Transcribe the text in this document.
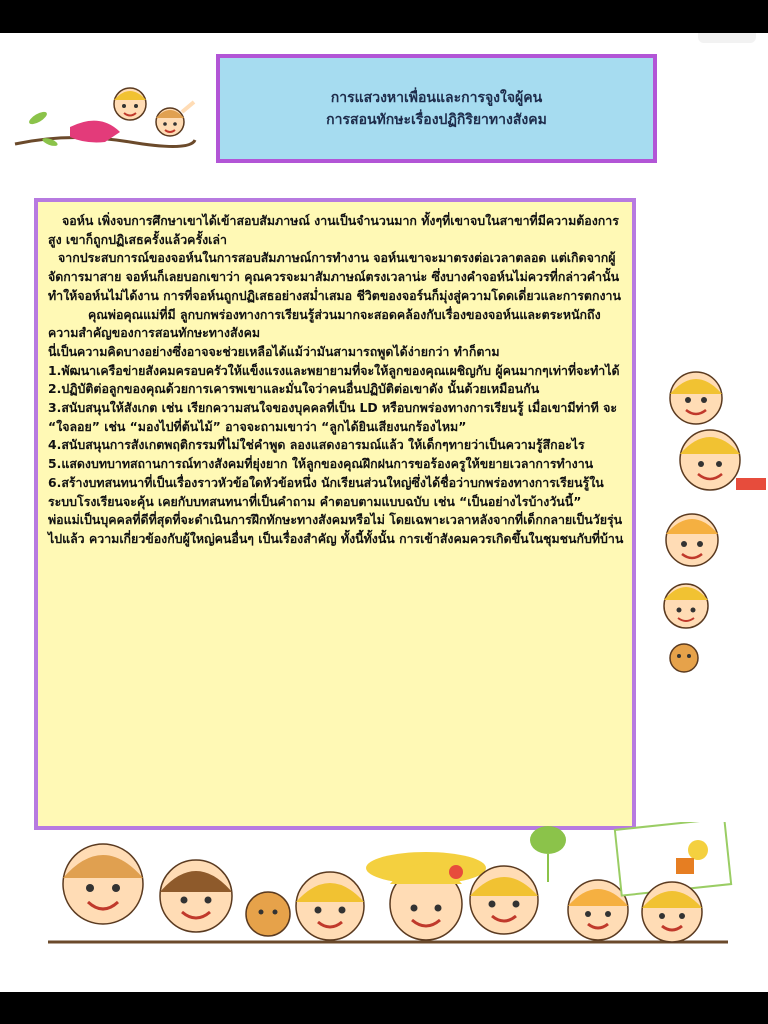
การแสวงหาเพื่อนและการจูงใจผู้คน
การสอนทักษะเรื่องปฏิกิริยาทางสังคม

จอห์น เพิ่งจบการศึกษาเขาได้เข้าสอบสัมภาษณ์ งานเป็นจำนวนมาก ทั้งๆที่เขาจบในสาขาที่มีความต้องการสูง เขาก็ถูกปฏิเสธครั้งแล้วครั้งเล่า

จากประสบการณ์ของจอห์นในการสอบสัมภาษณ์การทำงาน จอห์นเขาจะมาตรงต่อเวลาตลอด แต่เกิดจากผู้จัดการมาสาย จอห์นก็เลยบอกเขาว่า คุณควรจะมาสัมภาษณ์ตรงเวลาน่ะ ซึ่งบางคำจอห์นไม่ควรที่กล่าวคำนั้น ทำให้จอห์นไม่ได้งาน การที่จอห์นถูกปฏิเสธอย่างสม่ำเสมอ ชีวิตของจอร์นก็มุ่งสู่ความโดดเดี่ยวและการตกงาน

คุณพ่อคุณแม่ที่มี ลูกบกพร่องทางการเรียนรู้ส่วนมากจะสอดคล้องกับเรื่องของจอห์นและตระหนักถึง ความสำคัญของการสอนทักษะทางสังคม

นี่เป็นความคิดบางอย่างซึ่งอาจจะช่วยเหลือได้แม้ว่ามันสามารถพูดได้ง่ายกว่า ทำก็ตาม

1.พัฒนาเครือข่ายสังคมครอบครัวให้แข็งแรงและพยายามที่จะให้ลูกของคุณเผชิญกับ ผู้คนมากๆเท่าที่จะทำได้ 2.ปฏิบัติต่อลูกของคุณด้วยการเคารพเขาและมั่นใจว่าคนอื่นปฏิบัติต่อเขาดัง นั้นด้วยเหมือนกัน

3.สนับสนุนให้สังเกต เช่น เรียกความสนใจของบุคคลที่เป็น LD หรือบกพร่องทางการเรียนรู้ เมื่อเขามีท่าที จะ “ใจลอย” เช่น “มองไปที่ต้นไม้” อาจจะถามเขาว่า “ลูกได้ยินเสียงนกร้องไหม”

4.สนับสนุนการสังเกตพฤติกรรมที่ไม่ใช่คำพูด ลองแสดงอารมณ์แล้ว ให้เด็กๆทายว่าเป็นความรู้สึกอะไร

5.แสดงบทบาทสถานการณ์ทางสังคมที่ยุ่งยาก ให้ลูกของคุณฝึกฝนการขอร้องครูให้ขยายเวลาการทำงาน

6.สร้างบทสนทนาที่เป็นเรื่องราวหัวข้อใดหัวข้อหนึ่ง นักเรียนส่วนใหญ่ซึ่งได้ชื่อว่าบกพร่องทางการเรียนรู้ในระบบโรงเรียนจะคุ้น เคยกับบทสนทนาที่เป็นคำถาม คำตอบตามแบบฉบับ เช่น “เป็นอย่างไรบ้างวันนี้”

พ่อแม่เป็นบุคคลที่ดีที่สุดที่จะดำเนินการฝึกทักษะทางสังคมหรือไม่ โดยเฉพาะเวลาหลังจากที่เด็กกลายเป็นวัยรุ่นไปแล้ว ความเกี่ยวข้องกับผู้ใหญ่คนอื่นๆ เป็นเรื่องสำคัญ ทั้งนี้ทั้งนั้น การเข้าสังคมควรเกิดขึ้นในชุมชนกับที่บ้าน
